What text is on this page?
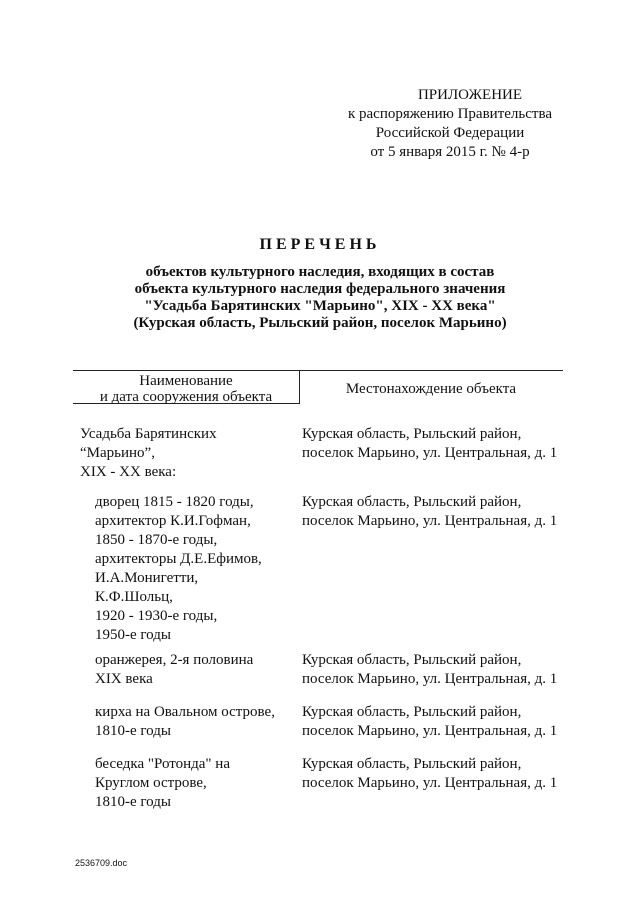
ПРИЛОЖЕНИЕ
к распоряжению Правительства
Российской Федерации
от 5 января 2015 г. № 4-р
ПЕРЕЧЕНЬ
объектов культурного наследия, входящих в состав
объекта культурного наследия федерального значения
"Усадьба Барятинских "Марьино", XIX - XX века"
(Курская область, Рыльский район, поселок Марьино)
Наименование
и дата сооружения объекта	Местонахождение объекта
Усадьба Барятинских
“Марьино”,
XIX - XX века:
Курская область, Рыльский район,
поселок Марьино, ул. Центральная, д. 1
дворец 1815 - 1820 годы,
архитектор К.И.Гофман,
1850 - 1870-е годы,
архитекторы Д.Е.Ефимов,
И.А.Монигетти,
К.Ф.Шольц,
1920 - 1930-е годы,
1950-е годы
Курская область, Рыльский район,
поселок Марьино, ул. Центральная, д. 1
оранжерея, 2-я половина
XIX века
Курская область, Рыльский район,
поселок Марьино, ул. Центральная, д. 1
кирха на Овальном острове,
1810-е годы
Курская область, Рыльский район,
поселок Марьино, ул. Центральная, д. 1
беседка "Ротонда" на
Круглом острове,
1810-е годы
Курская область, Рыльский район,
поселок Марьино, ул. Центральная, д. 1
2536709.doc
